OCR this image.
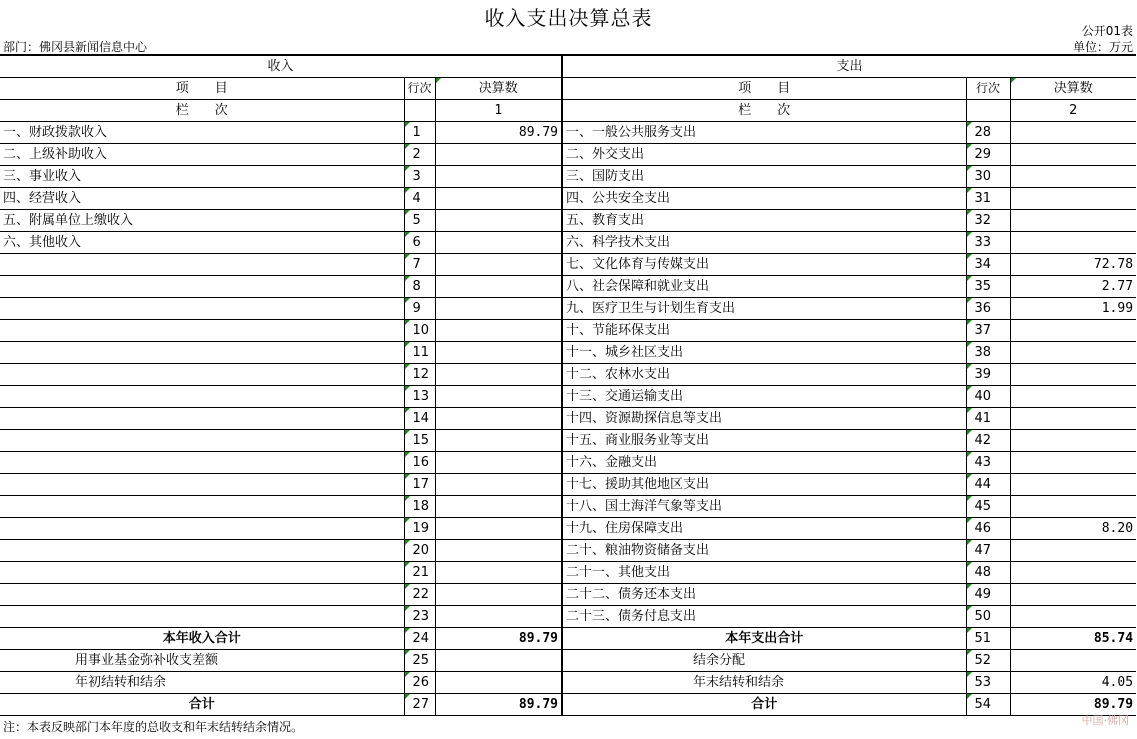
收入支出决算总表
公开01表
部门：佛冈县新闻信息中心	单位：万元
收入			支出		
项　　目	行次	决算数	项　　目	行次	决算数
栏　　次		1	栏　　次		2
一、财政拨款收入	1	89.79	一、一般公共服务支出	28	
二、上级补助收入	2		二、外交支出	29	
三、事业收入	3		三、国防支出	30	
四、经营收入	4		四、公共安全支出	31	
五、附属单位上缴收入	5		五、教育支出	32	
六、其他收入	6		六、科学技术支出	33	
	7		七、文化体育与传媒支出	34	72.78
	8		八、社会保障和就业支出	35	2.77
	9		九、医疗卫生与计划生育支出	36	1.99
	10		十、节能环保支出	37	
	11		十一、城乡社区支出	38	
	12		十二、农林水支出	39	
	13		十三、交通运输支出	40	
	14		十四、资源勘探信息等支出	41	
	15		十五、商业服务业等支出	42	
	16		十六、金融支出	43	
	17		十七、援助其他地区支出	44	
	18		十八、国土海洋气象等支出	45	
	19		十九、住房保障支出	46	8.20
	20		二十、粮油物资储备支出	47	
	21		二十一、其他支出	48	
	22		二十二、债务还本支出	49	
	23		二十三、债务付息支出	50	
本年收入合计	24	89.79	本年支出合计	51	85.74
用事业基金弥补收支差额	25		结余分配	52	
年初结转和结余	26		年末结转和结余	53	4.05
合计	27	89.79	合计	54	89.79
注：本表反映部门本年度的总收支和年末结转结余情况。	中国·佛冈
